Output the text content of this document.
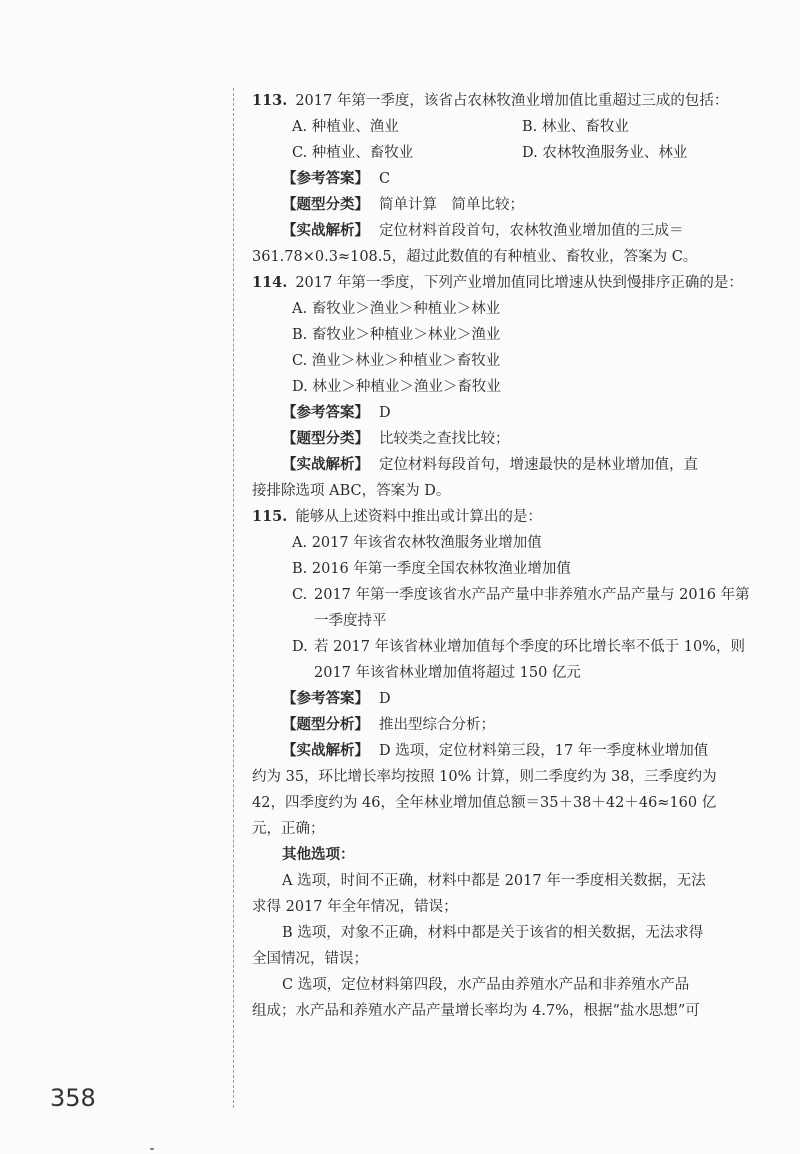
113. 2017 年第一季度，该省占农林牧渔业增加值比重超过三成的包括：
A. 种植业、渔业	B. 林业、畜牧业
C. 种植业、畜牧业	D. 农林牧渔服务业、林业
【参考答案】 C
【题型分类】 简单计算　简单比较；
【实战解析】 定位材料首段首句，农林牧渔业增加值的三成＝
361.78×0.3≈108.5，超过此数值的有种植业、畜牧业，答案为 C。
114. 2017 年第一季度，下列产业增加值同比增速从快到慢排序正确的是：
A. 畜牧业＞渔业＞种植业＞林业
B. 畜牧业＞种植业＞林业＞渔业
C. 渔业＞林业＞种植业＞畜牧业
D. 林业＞种植业＞渔业＞畜牧业
【参考答案】 D
【题型分类】 比较类之查找比较；
【实战解析】 定位材料每段首句，增速最快的是林业增加值，直
接排除选项 ABC，答案为 D。
115. 能够从上述资料中推出或计算出的是：
A. 2017 年该省农林牧渔服务业增加值
B. 2016 年第一季度全国农林牧渔业增加值
C. 2017 年第一季度该省水产品产量中非养殖水产品产量与 2016 年第一季度持平
D. 若 2017 年该省林业增加值每个季度的环比增长率不低于 10%，则 2017 年该省林业增加值将超过 150 亿元
【参考答案】 D
【题型分析】 推出型综合分析；
【实战解析】 D 选项，定位材料第三段，17 年一季度林业增加值
约为 35，环比增长率均按照 10% 计算，则二季度约为 38，三季度约为
42，四季度约为 46，全年林业增加值总额＝35＋38＋42＋46≈160 亿
元，正确；
其他选项：
A 选项，时间不正确，材料中都是 2017 年一季度相关数据，无法
求得 2017 年全年情况，错误；
B 选项，对象不正确，材料中都是关于该省的相关数据，无法求得
全国情况，错误；
C 选项，定位材料第四段，水产品由养殖水产品和非养殖水产品
组成；水产品和养殖水产品产量增长率均为 4.7%，根据“盐水思想”可
358
